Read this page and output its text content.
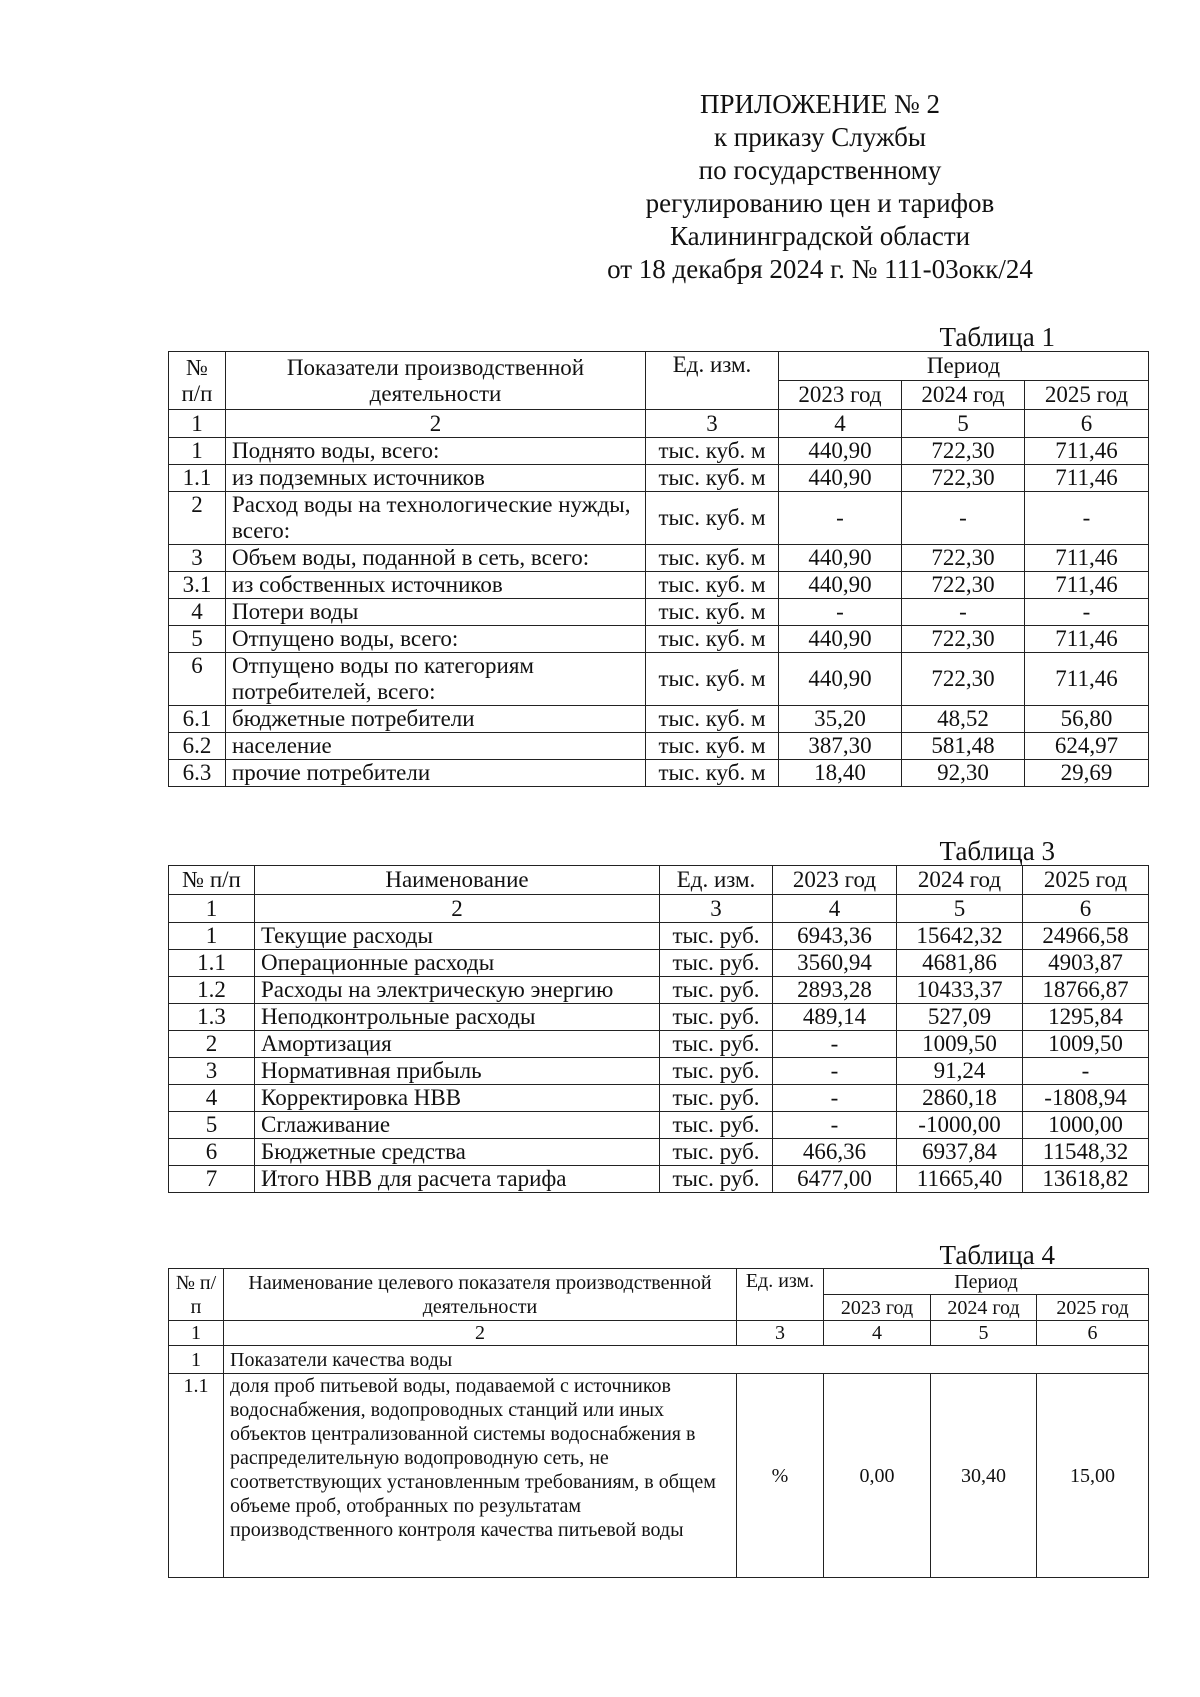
ПРИЛОЖЕНИЕ № 2
к приказу Службы
по государственному
регулированию цен и тарифов
Калининградской области
от 18 декабря 2024 г. № 111-03окк/24
Таблица 1
№ п/п	Показатели производственной деятельности	Ед. изм.	Период		
			2023 год	2024 год	2025 год
1	2	3	4	5	6
1	Поднято воды, всего:	тыс. куб. м	440,90	722,30	711,46
1.1	из подземных источников	тыс. куб. м	440,90	722,30	711,46
2	Расход воды на технологические нужды, всего:	тыс. куб. м	-	-	-
3	Объем воды, поданной в сеть, всего:	тыс. куб. м	440,90	722,30	711,46
3.1	из собственных источников	тыс. куб. м	440,90	722,30	711,46
4	Потери воды	тыс. куб. м	-	-	-
5	Отпущено воды, всего:	тыс. куб. м	440,90	722,30	711,46
6	Отпущено воды по категориям потребителей, всего:	тыс. куб. м	440,90	722,30	711,46
6.1	бюджетные потребители	тыс. куб. м	35,20	48,52	56,80
6.2	население	тыс. куб. м	387,30	581,48	624,97
6.3	прочие потребители	тыс. куб. м	18,40	92,30	29,69
Таблица 3
№ п/п	Наименование	Ед. изм.	2023 год	2024 год	2025 год
1	2	3	4	5	6
1	Текущие расходы	тыс. руб.	6943,36	15642,32	24966,58
1.1	Операционные расходы	тыс. руб.	3560,94	4681,86	4903,87
1.2	Расходы на электрическую энергию	тыс. руб.	2893,28	10433,37	18766,87
1.3	Неподконтрольные расходы	тыс. руб.	489,14	527,09	1295,84
2	Амортизация	тыс. руб.	-	1009,50	1009,50
3	Нормативная прибыль	тыс. руб.	-	91,24	-
4	Корректировка НВВ	тыс. руб.	-	2860,18	-1808,94
5	Сглаживание	тыс. руб.	-	-1000,00	1000,00
6	Бюджетные средства	тыс. руб.	466,36	6937,84	11548,32
7	Итого НВВ для расчета тарифа	тыс. руб.	6477,00	11665,40	13618,82
Таблица 4
№ п/п	Наименование целевого показателя производственной деятельности	Ед. изм.	Период		
			2023 год	2024 год	2025 год
1	2	3	4	5	6
1	Показатели качества воды				
1.1	доля проб питьевой воды, подаваемой с источников водоснабжения, водопроводных станций или иных объектов централизованной системы водоснабжения в распределительную водопроводную сеть, не соответствующих установленным требованиям, в общем объеме проб, отобранных по результатам производственного контроля качества питьевой воды	%	0,00	30,40	15,00
